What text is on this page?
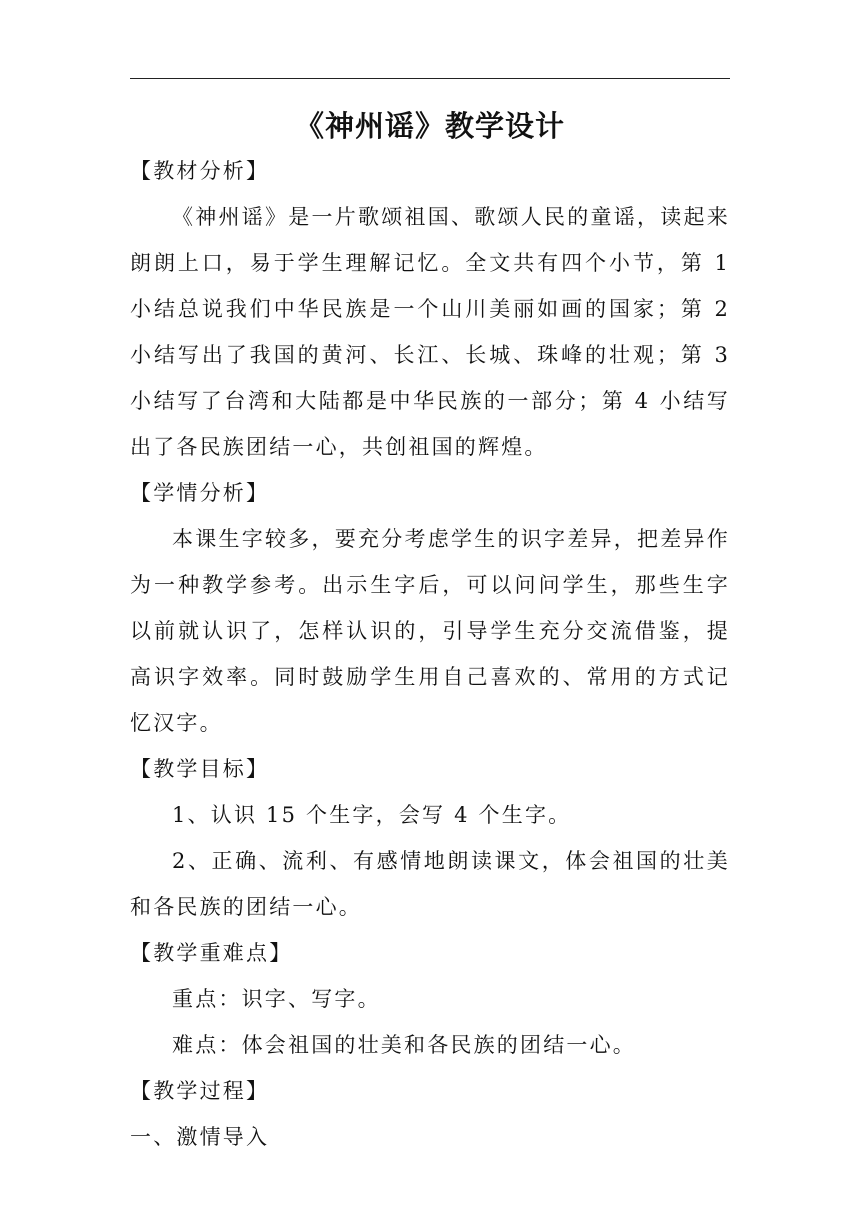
《神州谣》教学设计

【教材分析】

《神州谣》是一片歌颂祖国、歌颂人民的童谣，读起来朗朗上口，易于学生理解记忆。全文共有四个小节，第 1 小结总说我们中华民族是一个山川美丽如画的国家；第 2 小结写出了我国的黄河、长江、长城、珠峰的壮观；第 3 小结写了台湾和大陆都是中华民族的一部分；第 4 小结写出了各民族团结一心，共创祖国的辉煌。

【学情分析】

本课生字较多，要充分考虑学生的识字差异，把差异作为一种教学参考。出示生字后，可以问问学生，那些生字以前就认识了，怎样认识的，引导学生充分交流借鉴，提高识字效率。同时鼓励学生用自己喜欢的、常用的方式记忆汉字。

【教学目标】

1、认识 15 个生字，会写 4 个生字。

2、正确、流利、有感情地朗读课文，体会祖国的壮美和各民族的团结一心。

【教学重难点】

重点：识字、写字。

难点：体会祖国的壮美和各民族的团结一心。

【教学过程】

一、激情导入
